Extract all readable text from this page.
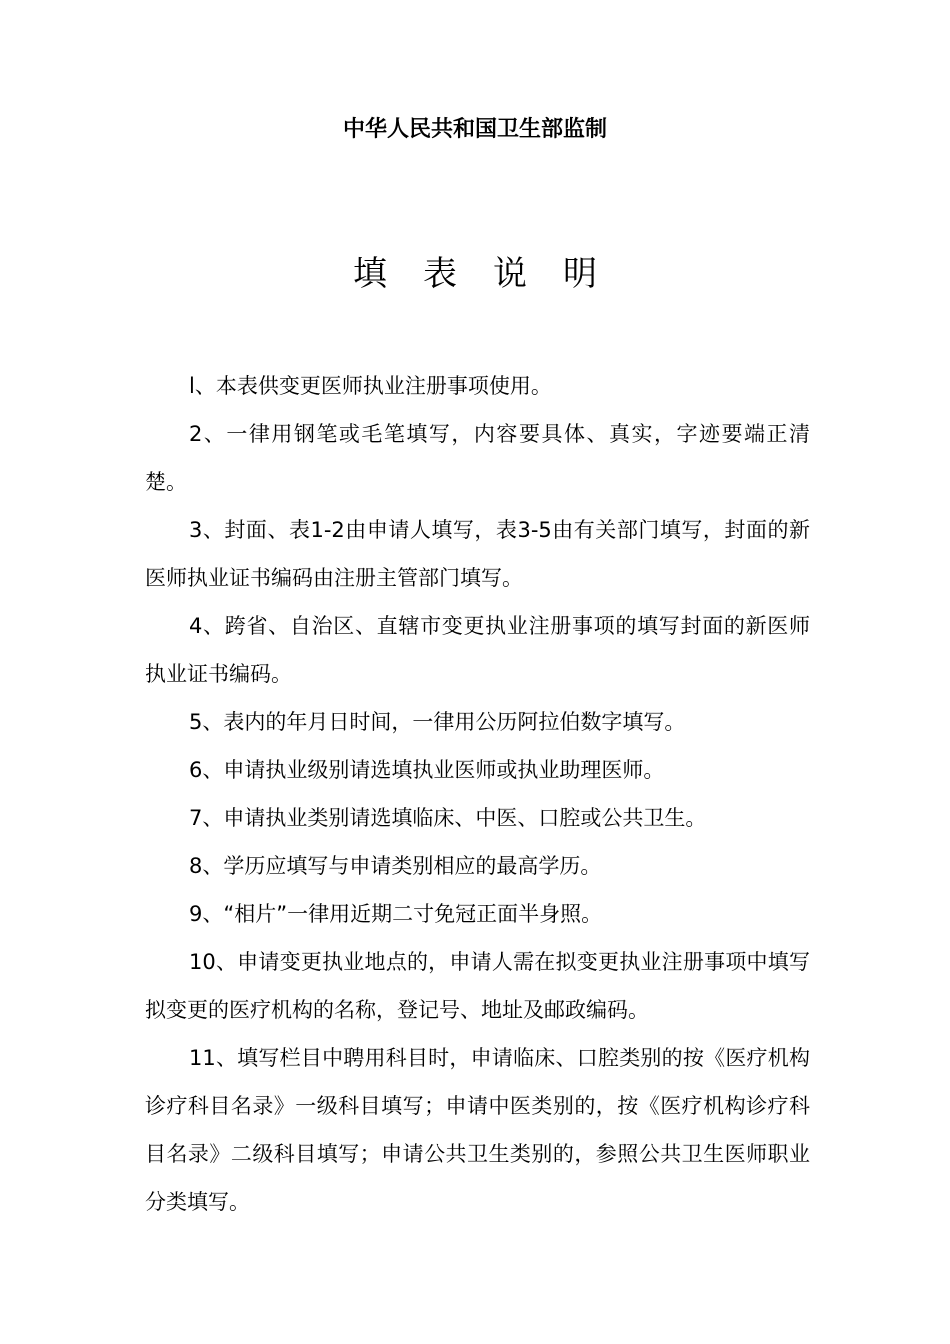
中华人民共和国卫生部监制
填表说明

l、本表供变更医师执业注册事项使用。

2、一律用钢笔或毛笔填写，内容要具体、真实，字迹要端正清楚。

3、封面、表1-2由申请人填写，表3-5由有关部门填写，封面的新医师执业证书编码由注册主管部门填写。

4、跨省、自治区、直辖市变更执业注册事项的填写封面的新医师执业证书编码。

5、表内的年月日时间，一律用公历阿拉伯数字填写。

6、申请执业级别请选填执业医师或执业助理医师。

7、申请执业类别请选填临床、中医、口腔或公共卫生。

8、学历应填写与申请类别相应的最高学历。

9、“相片”一律用近期二寸免冠正面半身照。

10、申请变更执业地点的，申请人需在拟变更执业注册事项中填写拟变更的医疗机构的名称，登记号、地址及邮政编码。

11、填写栏目中聘用科目时，申请临床、口腔类别的按《医疗机构诊疗科目名录》一级科目填写；申请中医类别的，按《医疗机构诊疗科目名录》二级科目填写；申请公共卫生类别的，参照公共卫生医师职业分类填写。
